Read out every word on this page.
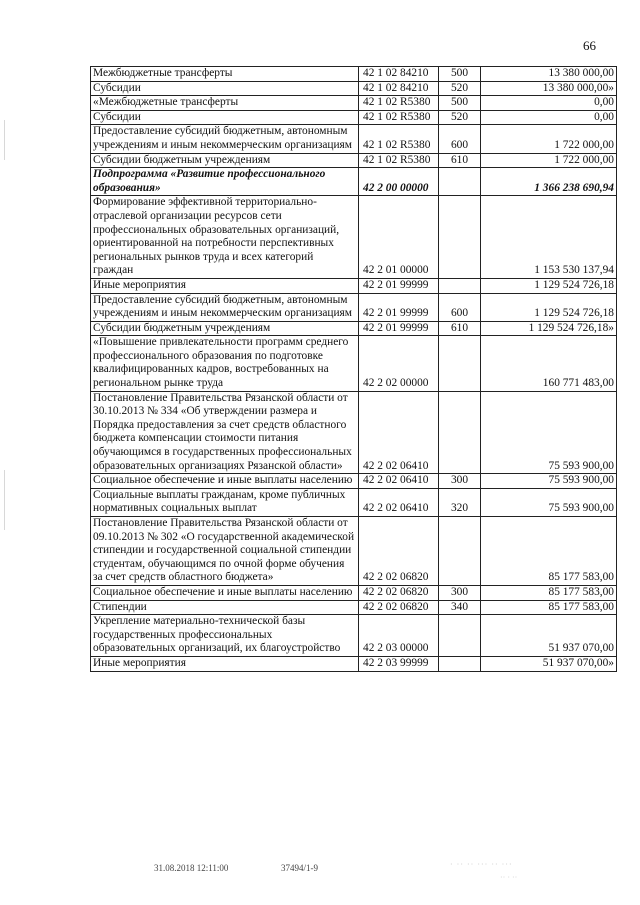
66
Межбюджетные трансферты	42 1 02 84210	500	13 380 000,00
Субсидии	42 1 02 84210	520	13 380 000,00»
«Межбюджетные трансферты	42 1 02 R5380	500	0,00
Субсидии	42 1 02 R5380	520	0,00
Предоставление субсидий бюджетным, автономным учреждениям и иным некоммерческим организациям	42 1 02 R5380	600	1 722 000,00
Субсидии бюджетным учреждениям	42 1 02 R5380	610	1 722 000,00
Подпрограмма «Развитие профессионального образования»	42 2 00 00000		1 366 238 690,94
Формирование эффективной территориально-отраслевой организации ресурсов сети профессиональных образовательных организаций, ориентированной на потребности перспективных региональных рынков труда и всех категорий граждан	42 2 01 00000		1 153 530 137,94
Иные мероприятия	42 2 01 99999		1 129 524 726,18
Предоставление субсидий бюджетным, автономным учреждениям и иным некоммерческим организациям	42 2 01 99999	600	1 129 524 726,18
Субсидии бюджетным учреждениям	42 2 01 99999	610	1 129 524 726,18»
«Повышение привлекательности программ среднего профессионального образования по подготовке квалифицированных кадров, востребованных на региональном рынке труда	42 2 02 00000		160 771 483,00
Постановление Правительства Рязанской области от 30.10.2013 № 334 «Об утверждении размера и Порядка предоставления за счет средств областного бюджета компенсации стоимости питания обучающимся в государственных профессиональных образовательных организациях Рязанской области»	42 2 02 06410		75 593 900,00
Социальное обеспечение и иные выплаты населению	42 2 02 06410	300	75 593 900,00
Социальные выплаты гражданам, кроме публичных нормативных социальных выплат	42 2 02 06410	320	75 593 900,00
Постановление Правительства Рязанской области от 09.10.2013 № 302 «О государственной академической стипендии и государственной социальной стипендии студентам, обучающимся по очной форме обучения за счет средств областного бюджета»	42 2 02 06820		85 177 583,00
Социальное обеспечение и иные выплаты населению	42 2 02 06820	300	85 177 583,00
Стипендии	42 2 02 06820	340	85 177 583,00
Укрепление материально-технической базы государственных профессиональных образовательных организаций, их благоустройство	42 2 03 00000		51 937 070,00
Иные мероприятия	42 2 03 99999		51 937 070,00»
31.08.2018 12:11:00	37494/1-9	· ·· ·· ··· ·· ···
·· · ··
